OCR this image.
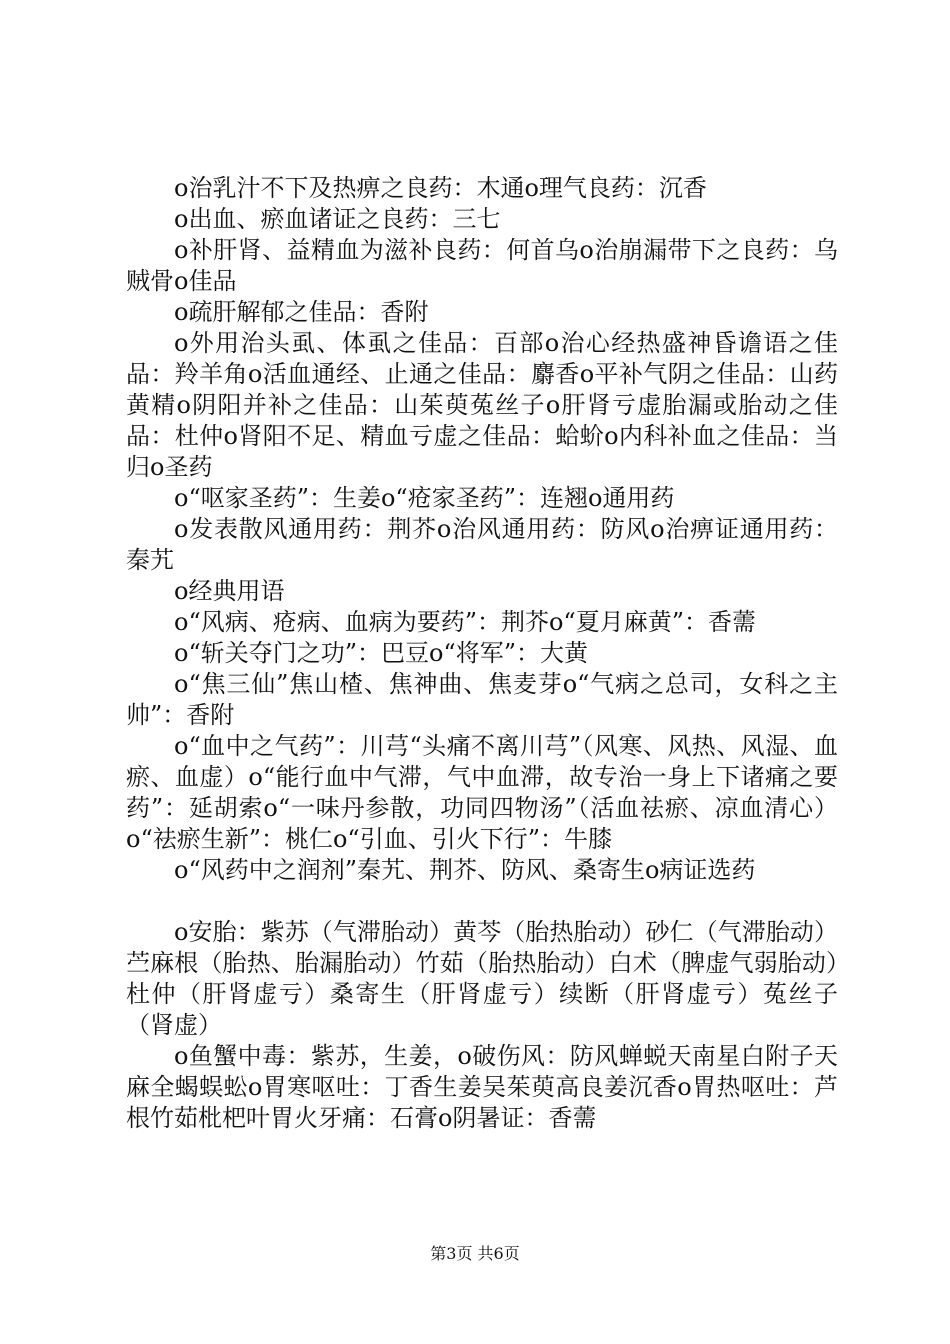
o治乳汁不下及热痹之良药：木通o理气良药：沉香

o出血、瘀血诸证之良药：三七

o补肝肾、益精血为滋补良药：何首乌o治崩漏带下之良药：乌贼骨o佳品

o疏肝解郁之佳品：香附

o外用治头虱、体虱之佳品：百部o治心经热盛神昏谵语之佳品：羚羊角o活血通经、止通之佳品：麝香o平补气阴之佳品：山药黄精o阴阳并补之佳品：山茱萸菟丝子o肝肾亏虚胎漏或胎动之佳品：杜仲o肾阳不足、精血亏虚之佳品：蛤蚧o内科补血之佳品：当归o圣药

o“呕家圣药”：生姜o“疮家圣药”：连翘o通用药

o发表散风通用药：荆芥o治风通用药：防风o治痹证通用药：秦艽

o经典用语

o“风病、疮病、血病为要药”：荆芥o“夏月麻黄”：香薷

o“斩关夺门之功”：巴豆o“将军”：大黄

o“焦三仙”焦山楂、焦神曲、焦麦芽o“气病之总司，女科之主帅”：香附

o“血中之气药”：川芎“头痛不离川芎”（风寒、风热、风湿、血瘀、血虚）o“能行血中气滞，气中血滞，故专治一身上下诸痛之要药”：延胡索o“一味丹参散，功同四物汤”（活血祛瘀、凉血清心）o“祛瘀生新”：桃仁o“引血、引火下行”：牛膝

o“风药中之润剂”秦艽、荆芥、防风、桑寄生o病证选药

o安胎：紫苏（气滞胎动）黄芩（胎热胎动）砂仁（气滞胎动）苎麻根（胎热、胎漏胎动）竹茹（胎热胎动）白术（脾虚气弱胎动）杜仲（肝肾虚亏）桑寄生（肝肾虚亏）续断（肝肾虚亏）菟丝子（肾虚）

o鱼蟹中毒：紫苏，生姜，o破伤风：防风蝉蜕天南星白附子天麻全蝎蜈蚣o胃寒呕吐：丁香生姜吴茱萸高良姜沉香o胃热呕吐：芦根竹茹枇杷叶胃火牙痛：石膏o阴暑证：香薷

第3页 共6页
